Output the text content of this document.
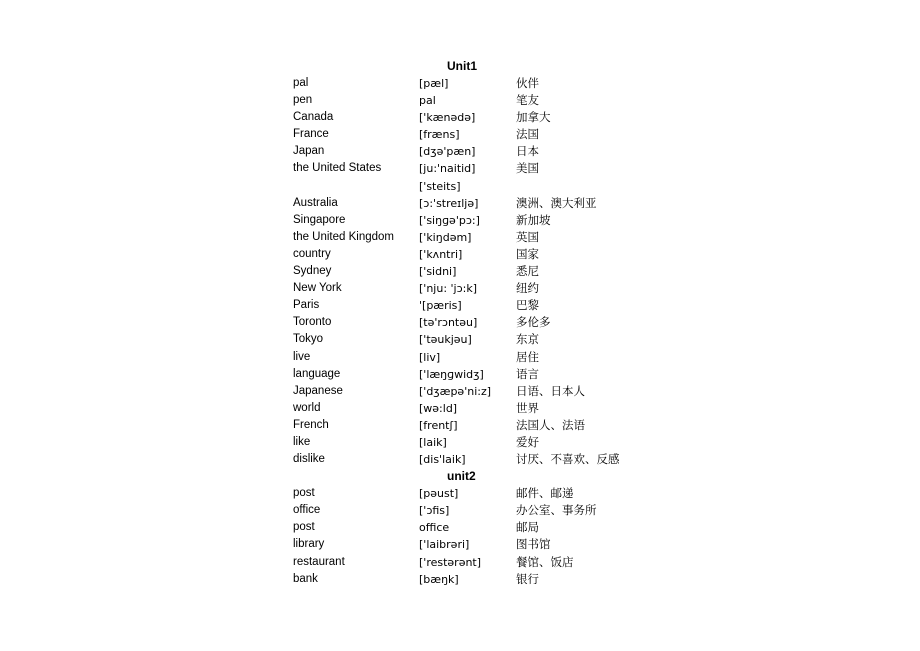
Unit1
pal	[pæl]	伙伴
pen	pal	笔友
Canada	['kænədə]	加拿大
France	[fræns]	法国
Japan	[dʒə'pæn]	日本
the United States	[ju:'naitid]	美国
['steits]
Australia	[ɔ:'streɪljə]	澳洲、澳大利亚
Singapore	['siŋɡə'pɔ:]	新加坡
the United Kingdom ['kiŋdəm]	英国
country	['kʌntri]	国家
Sydney	['sidni]	悉尼
New York	['nju: 'jɔ:k]	纽约
Paris	'[pæris]	巴黎
Toronto	[tə'rɔntəu]	多伦多
Tokyo	['təukjəu]	东京
live	[liv]	居住
language	['læŋɡwidʒ]	语言
Japanese	['dʒæpə'ni:z] 日语、日本人
world	[wə:ld]	世界
French	[frentʃ]	法国人、法语
like	[laik]	爱好
dislike	[dis'laik]	讨厌、不喜欢、反感
unit2
post	[pəust]	邮件、邮递
office	['ɔfis]	办公室、事务所
post	office	邮局
library	['laibrəri]	图书馆
restaurant	['restərənt]	餐馆、饭店
bank	[bæŋk]	银行
